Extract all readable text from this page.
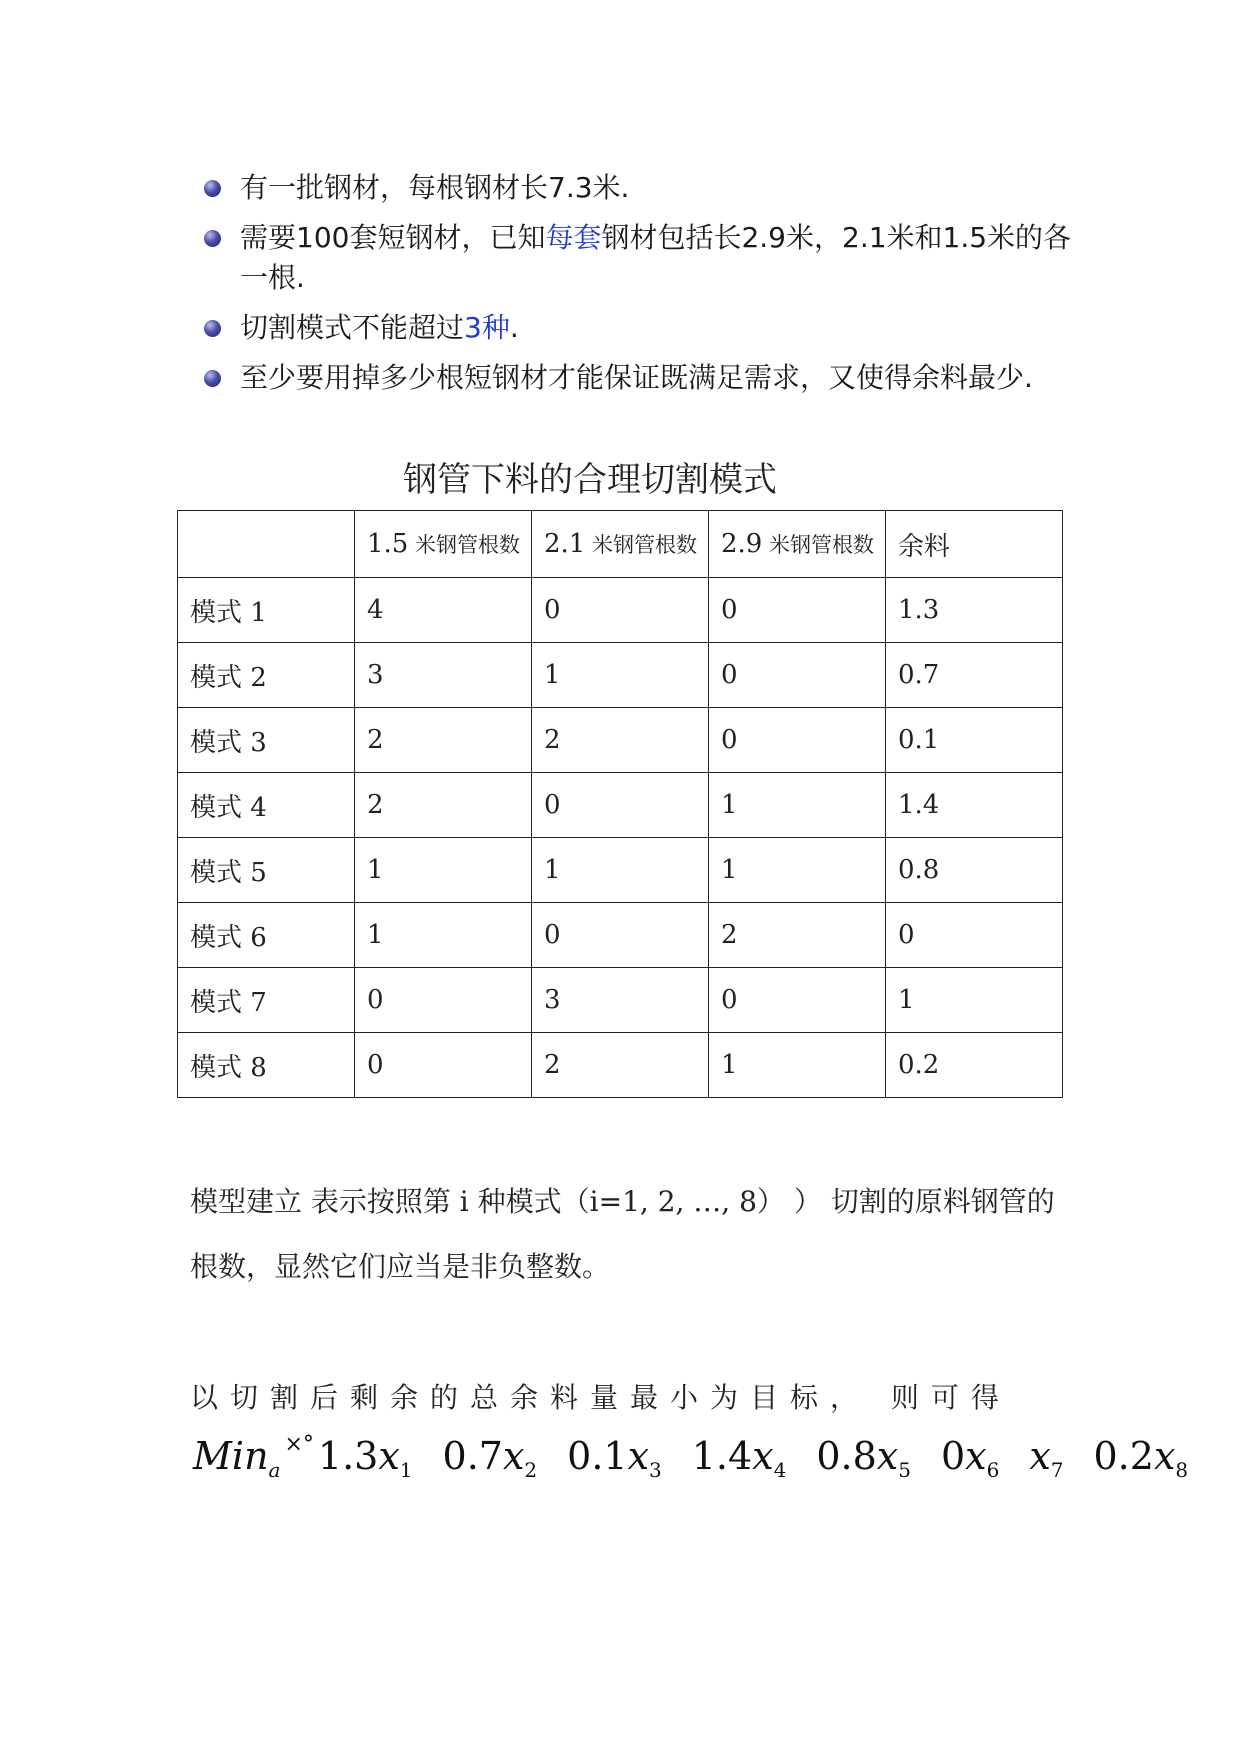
有一批钢材，每根钢材长7.3米.
需要100套短钢材，已知每套钢材包括长2.9米，2.1米和1.5米的各一根.
切割模式不能超过3种.
至少要用掉多少根短钢材才能保证既满足需求，又使得余料最少.
钢管下料的合理切割模式
	1.5 米钢管根数	2.1 米钢管根数	2.9 米钢管根数	余料
模式 1	4	0	0	1.3
模式 2	3	1	0	0.7
模式 3	2	2	0	0.1
模式 4	2	0	1	1.4
模式 5	1	1	1	0.8
模式 6	1	0	2	0
模式 7	0	3	0	1
模式 8	0	2	1	0.2
模型建立 表示按照第 i 种模式（i=1, 2, …, 8） ） 切割的原料钢管的
根数，显然它们应当是非负整数。
以切割后剩余的总余料量最小为目标， 则可得
Min$_a$×° $1.3x_1$ $0.7x_2$ $0.1x_3$ $1.4x_4$ $0.8x_5$ $0x_6$ $x_7$ $0.2x_8$
